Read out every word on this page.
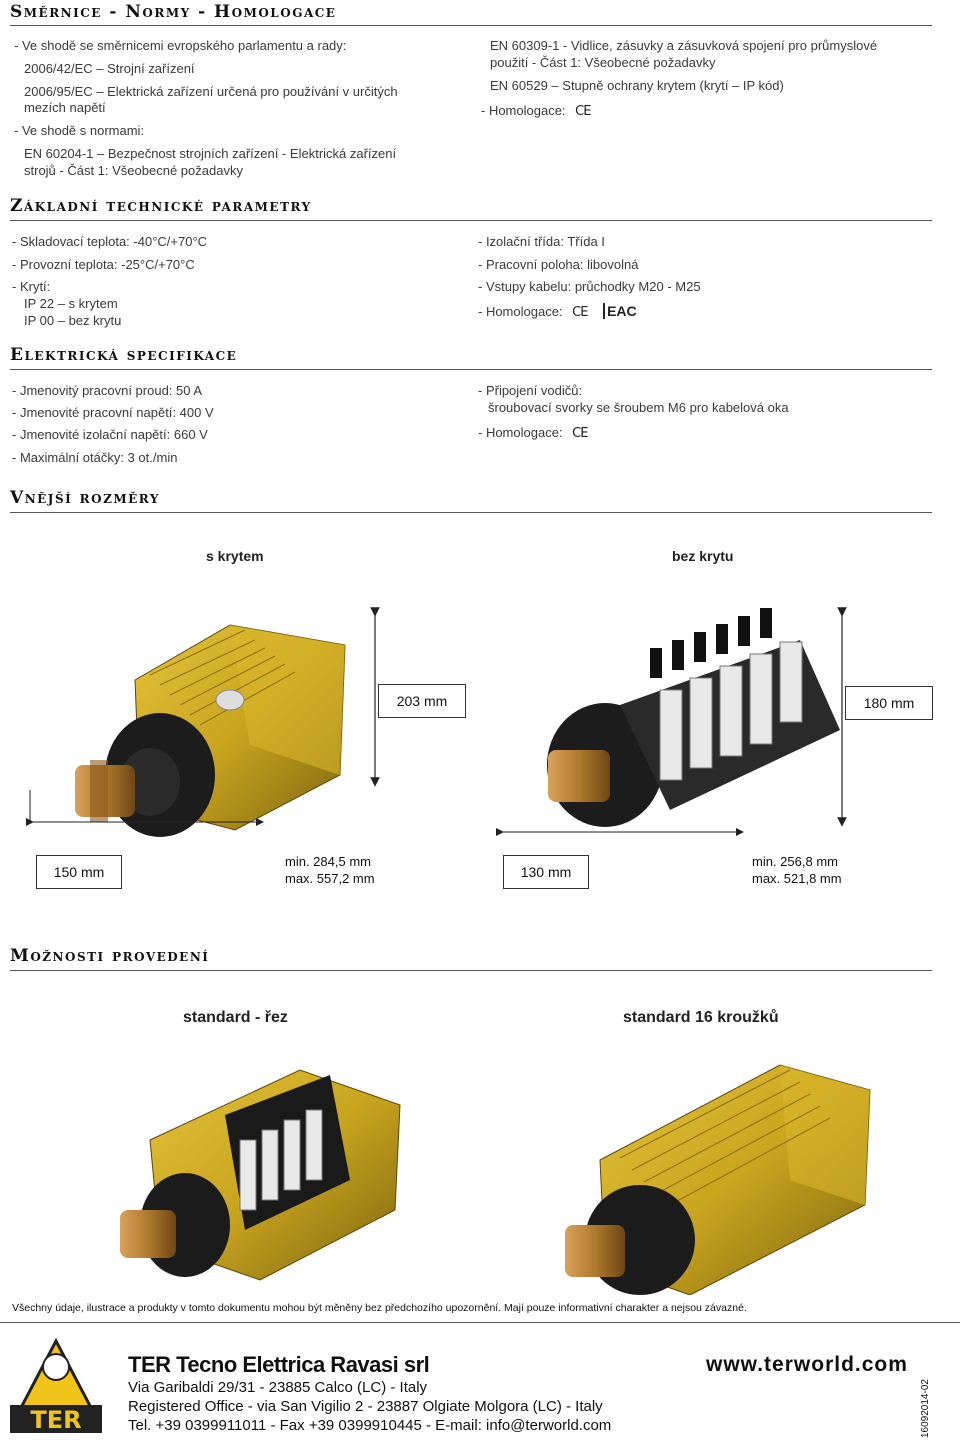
Směrnice - Normy - Homologace
- Ve shodě se směrnicemi evropského parlamentu a rady:
2006/42/EC – Strojní zařízení
2006/95/EC – Elektrická zařízení určená pro používání v určitých
mezích napětí
- Ve shodě s normami:
EN 60204-1 – Bezpečnost strojních zařízení - Elektrická zařízení
strojů - Část 1: Všeobecné požadavky
EN 60309-1 - Vidlice, zásuvky a zásuvková spojení pro průmyslové
použití - Část 1: Všeobecné požadavky
EN 60529 – Stupně ochrany krytem (krytí – IP kód)
- Homologace: CE
Základní technické parametry
- Skladovací teplota: -40°C/+70°C
- Provozní teplota: -25°C/+70°C
- Krytí:
IP 22 – s krytem
IP 00 – bez krytu
- Izolační třída: Třída I
- Pracovní poloha: libovolná
- Vstupy kabelu: průchodky M20 - M25
- Homologace: CE EAC
Elektrická specifikace
- Jmenovitý pracovní proud: 50 A
- Jmenovité pracovní napětí: 400 V
- Jmenovité izolační napětí: 660 V
- Maximální otáčky: 3 ot./min
- Připojení vodičů:
šroubovací svorky se šroubem M6 pro kabelová oka
- Homologace: CE
Vnější rozměry
s krytem	bez krytu
203 mm	180 mm
150 mm	130 mm
min. 284,5 mm
max. 557,2 mm
min. 256,8 mm
max. 521,8 mm
Možnosti provedení
standard - řez	standard 16 kroužků
Všechny údaje, ilustrace a produkty v tomto dokumentu mohou být měněny bez předchozího upozornění. Mají pouze informativní charakter a nejsou závazné.
TER
TER Tecno Elettrica Ravasi srl
Via Garibaldi 29/31 - 23885 Calco (LC) - Italy
Registered Office - via San Vigilio 2 - 23887 Olgiate Molgora (LC) - Italy
Tel. +39 0399911011 - Fax +39 0399910445 - E-mail: info@terworld.com
www.terworld.com
16092014-02
